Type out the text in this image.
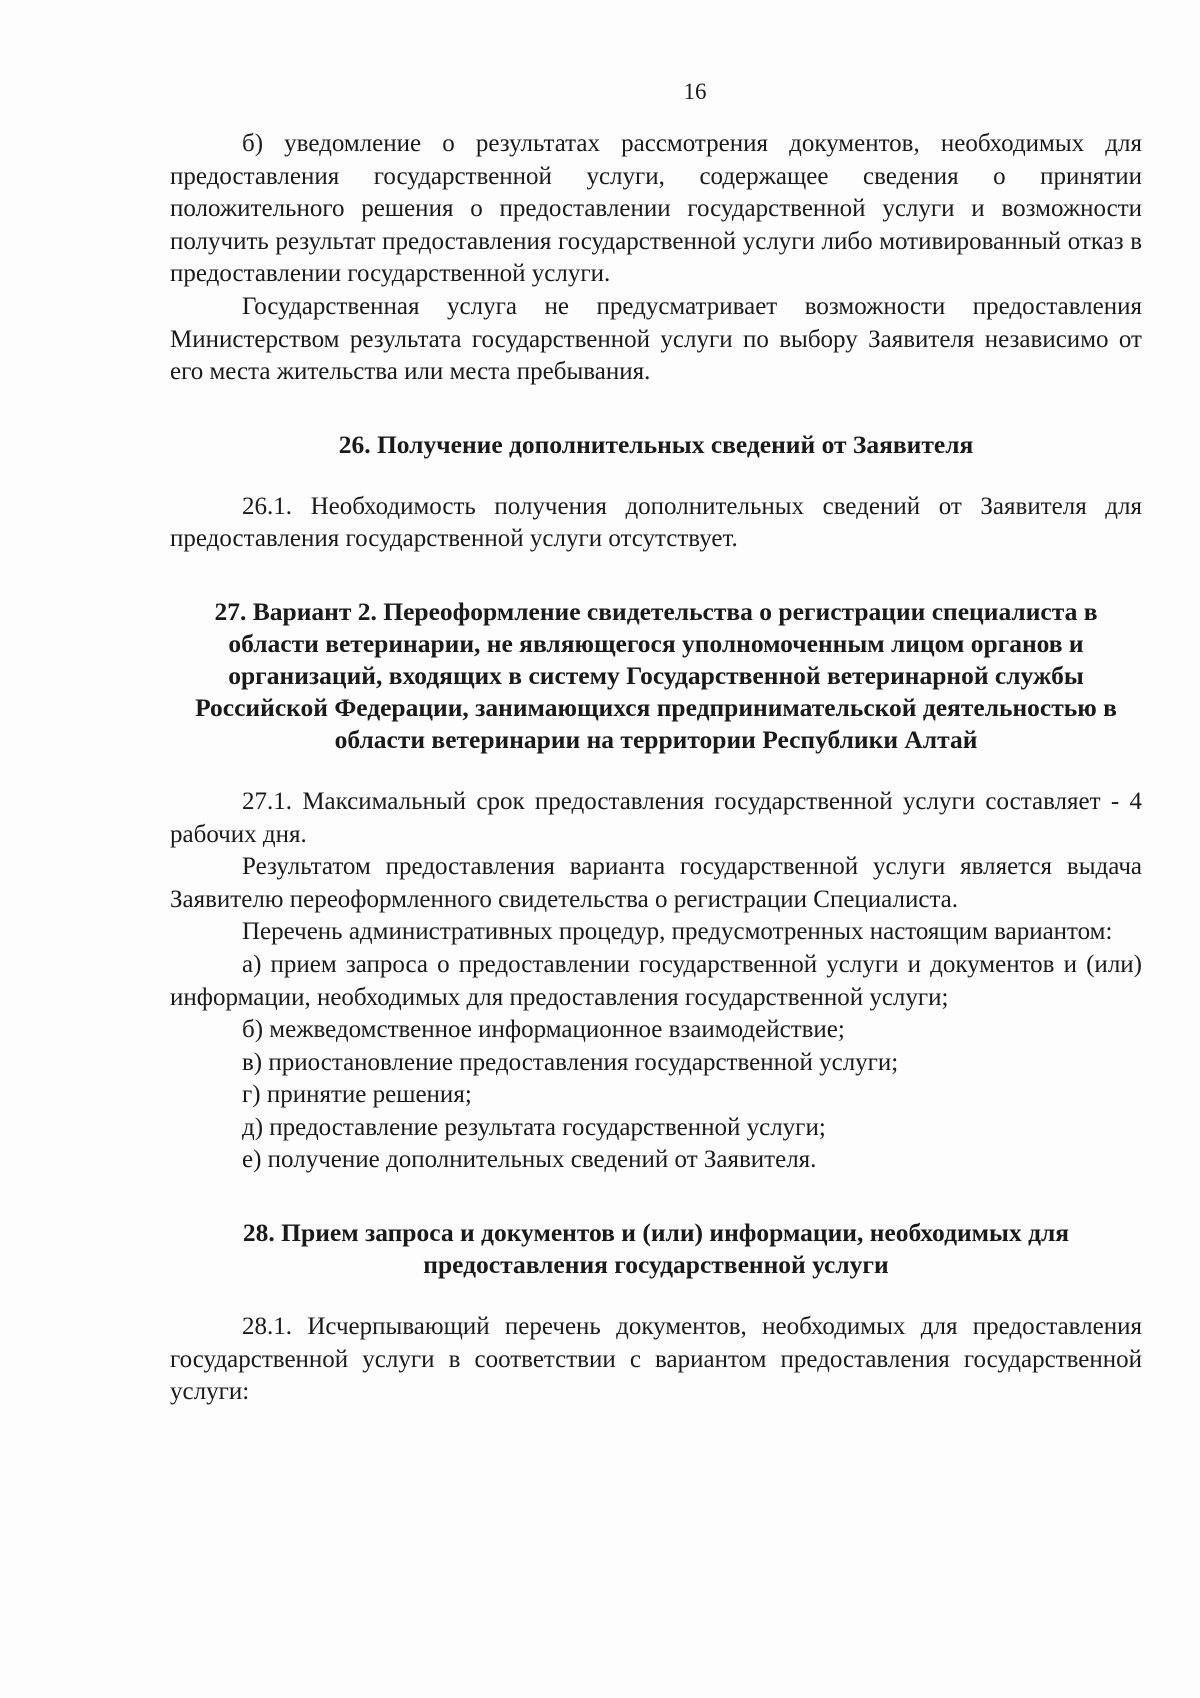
16

б) уведомление о результатах рассмотрения документов, необходимых для предоставления государственной услуги, содержащее сведения о принятии положительного решения о предоставлении государственной услуги и возможности получить результат предоставления государственной услуги либо мотивированный отказ в предоставлении государственной услуги.

Государственная услуга не предусматривает возможности предоставления Министерством результата государственной услуги по выбору Заявителя независимо от его места жительства или места пребывания.

26. Получение дополнительных сведений от Заявителя

26.1. Необходимость получения дополнительных сведений от Заявителя для предоставления государственной услуги отсутствует.

27. Вариант 2. Переоформление свидетельства о регистрации специалиста в области ветеринарии, не являющегося уполномоченным лицом органов и организаций, входящих в систему Государственной ветеринарной службы Российской Федерации, занимающихся предпринимательской деятельностью в области ветеринарии на территории Республики Алтай

27.1. Максимальный срок предоставления государственной услуги составляет - 4 рабочих дня.

Результатом предоставления варианта государственной услуги является выдача Заявителю переоформленного свидетельства о регистрации Специалиста.

Перечень административных процедур, предусмотренных настоящим вариантом:

а) прием запроса о предоставлении государственной услуги и документов и (или) информации, необходимых для предоставления государственной услуги;

б) межведомственное информационное взаимодействие;

в) приостановление предоставления государственной услуги;

г) принятие решения;

д) предоставление результата государственной услуги;

е) получение дополнительных сведений от Заявителя.

28. Прием запроса и документов и (или) информации, необходимых для предоставления государственной услуги

28.1. Исчерпывающий перечень документов, необходимых для предоставления государственной услуги в соответствии с вариантом предоставления государственной услуги:
